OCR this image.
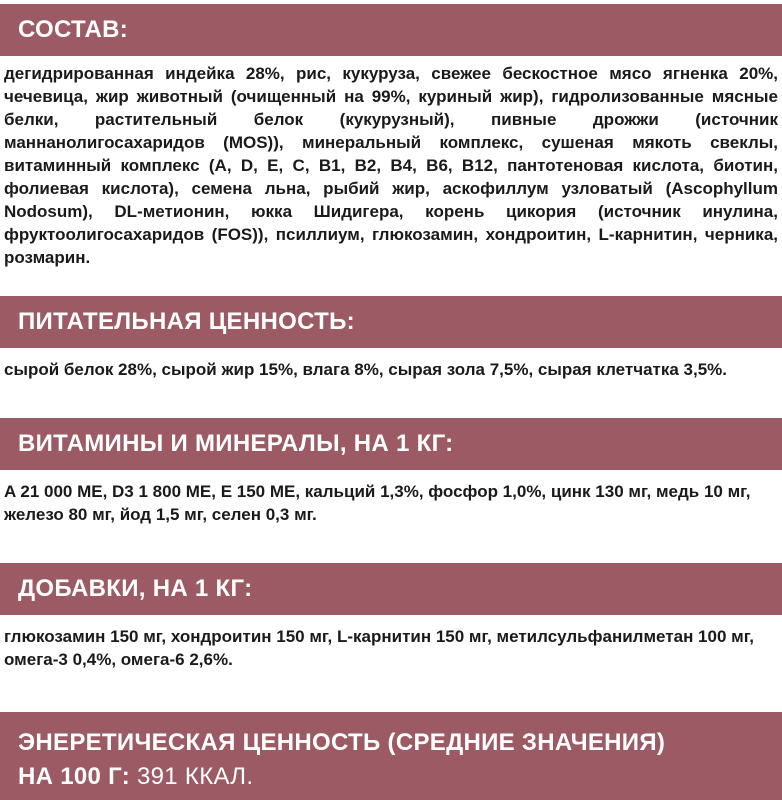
СОСТАВ:

дегидрированная индейка 28%, рис, кукуруза, свежее бескостное мясо ягненка 20%, чечевица, жир животный (очищенный на 99%, куриный жир), гидролизованные мясные белки, растительный белок (кукурузный), пивные дрожжи (источник маннанолигосахаридов (MOS)), минеральный комплекс, сушеная мякоть свеклы, витаминный комплекс (A, D, E, C, B1, B2, B4, B6, B12, пантотеновая кислота, биотин, фолиевая кислота), семена льна, рыбий жир, аскофиллум узловатый (Ascophyllum Nodosum), DL-метионин, юкка Шидигера, корень цикория (источник инулина, фруктоолигосахаридов (FOS)), псиллиум, глюкозамин, хондроитин, L-карнитин, черника, розмарин.

ПИТАТЕЛЬНАЯ ЦЕННОСТЬ:

сырой белок 28%, сырой жир 15%, влага 8%, сырая зола 7,5%, сырая клетчатка 3,5%.

ВИТАМИНЫ И МИНЕРАЛЫ, НА 1 КГ:

A 21 000 МЕ, D3 1 800 МЕ, E 150 МЕ, кальций 1,3%, фосфор 1,0%, цинк 130 мг, медь 10 мг, железо 80 мг, йод 1,5 мг, селен 0,3 мг.

ДОБАВКИ, НА 1 КГ:

глюкозамин 150 мг, хондроитин 150 мг, L-карнитин 150 мг, метилсульфанилметан 100 мг, омега-3 0,4%, омега-6 2,6%.

ЭНЕРЕТИЧЕСКАЯ ЦЕННОСТЬ (СРЕДНИЕ ЗНАЧЕНИЯ)
НА 100 Г: 391 ККАЛ.
